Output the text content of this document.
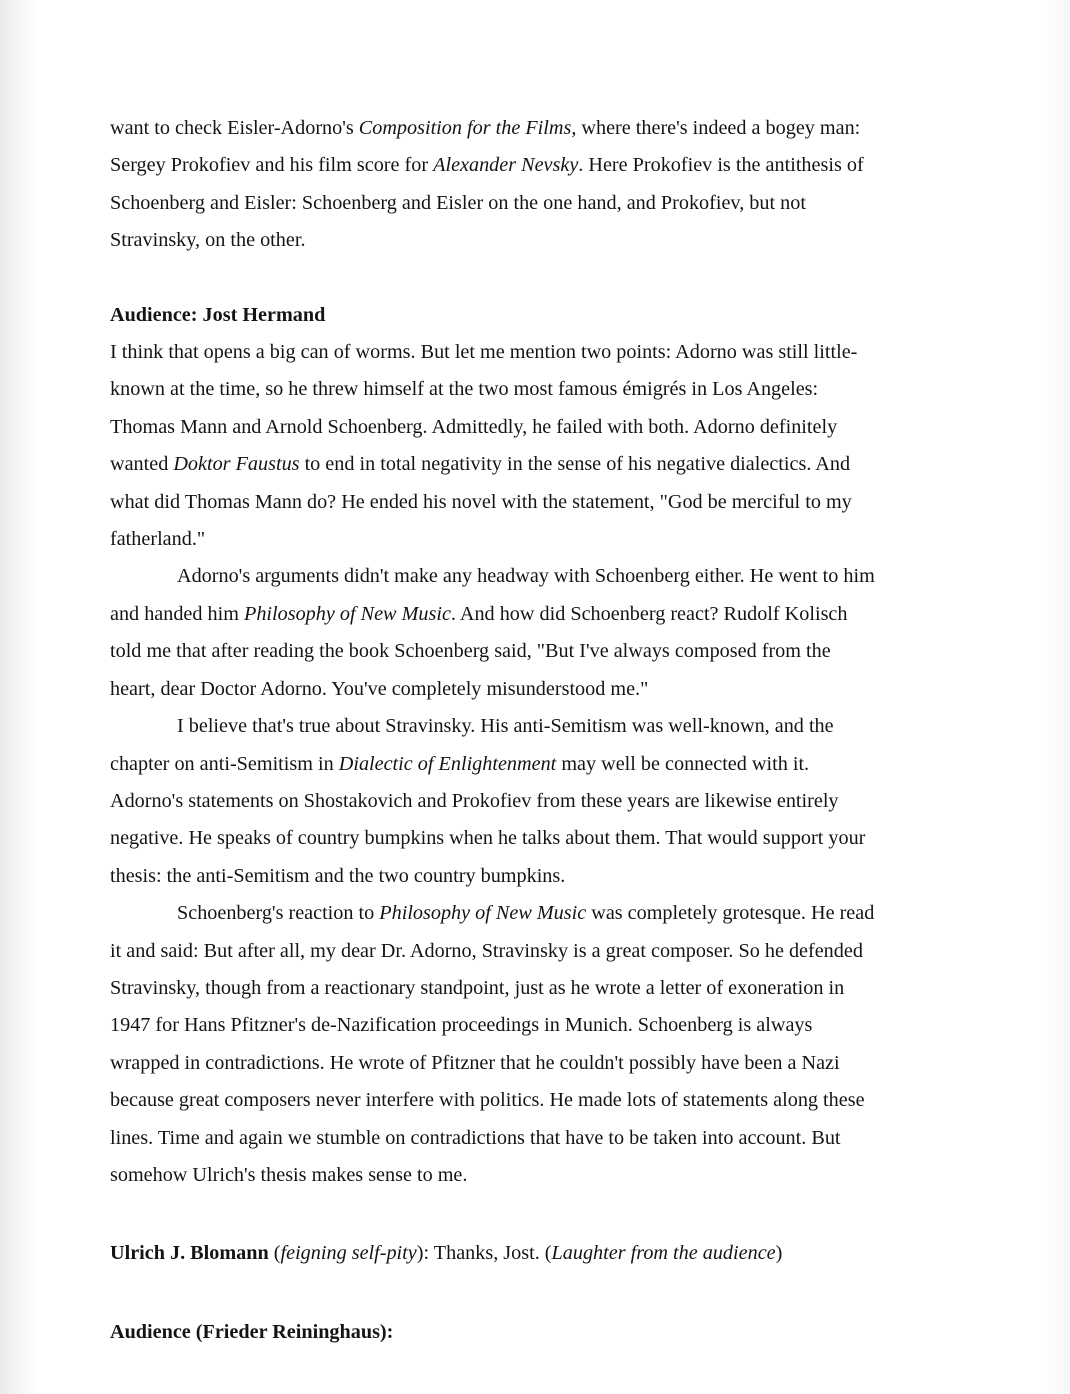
want to check Eisler-Adorno's Composition for the Films, where there's indeed a bogey man:
Sergey Prokofiev and his film score for Alexander Nevsky. Here Prokofiev is the antithesis of
Schoenberg and Eisler: Schoenberg and Eisler on the one hand, and Prokofiev, but not
Stravinsky, on the other.
Audience: Jost Hermand
I think that opens a big can of worms. But let me mention two points: Adorno was still little-
known at the time, so he threw himself at the two most famous émigrés in Los Angeles:
Thomas Mann and Arnold Schoenberg. Admittedly, he failed with both. Adorno definitely
wanted Doktor Faustus to end in total negativity in the sense of his negative dialectics. And
what did Thomas Mann do? He ended his novel with the statement, "God be merciful to my
fatherland."
Adorno's arguments didn't make any headway with Schoenberg either. He went to him
and handed him Philosophy of New Music. And how did Schoenberg react? Rudolf Kolisch
told me that after reading the book Schoenberg said, "But I've always composed from the
heart, dear Doctor Adorno. You've completely misunderstood me."
I believe that's true about Stravinsky. His anti-Semitism was well-known, and the
chapter on anti-Semitism in Dialectic of Enlightenment may well be connected with it.
Adorno's statements on Shostakovich and Prokofiev from these years are likewise entirely
negative. He speaks of country bumpkins when he talks about them. That would support your
thesis: the anti-Semitism and the two country bumpkins.
Schoenberg's reaction to Philosophy of New Music was completely grotesque. He read
it and said: But after all, my dear Dr. Adorno, Stravinsky is a great composer. So he defended
Stravinsky, though from a reactionary standpoint, just as he wrote a letter of exoneration in
1947 for Hans Pfitzner's de-Nazification proceedings in Munich. Schoenberg is always
wrapped in contradictions. He wrote of Pfitzner that he couldn't possibly have been a Nazi
because great composers never interfere with politics. He made lots of statements along these
lines. Time and again we stumble on contradictions that have to be taken into account. But
somehow Ulrich's thesis makes sense to me.
Ulrich J. Blomann (feigning self-pity): Thanks, Jost. (Laughter from the audience)
Audience (Frieder Reininghaus):
